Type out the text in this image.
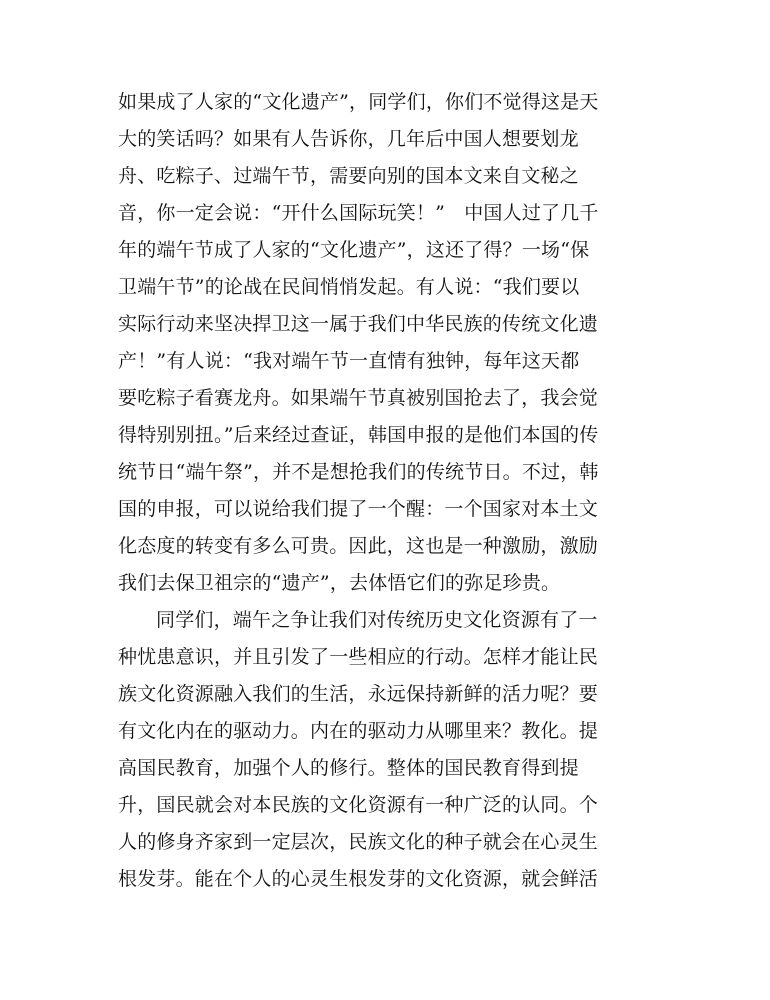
如果成了人家的“文化遗产”，同学们，你们不觉得这是天
大的笑话吗？如果有人告诉你，几年后中国人想要划龙
舟、吃粽子、过端午节，需要向别的国本文来自文秘之
音，你一定会说：“开什么国际玩笑！”　中国人过了几千
年的端午节成了人家的“文化遗产”，这还了得？一场“保
卫端午节”的论战在民间悄悄发起。有人说：“我们要以
实际行动来坚决捍卫这一属于我们中华民族的传统文化遗
产！”有人说：“我对端午节一直情有独钟，每年这天都
要吃粽子看赛龙舟。如果端午节真被别国抢去了，我会觉
得特别别扭。”后来经过查证，韩国申报的是他们本国的传
统节日“端午祭”，并不是想抢我们的传统节日。不过，韩
国的申报，可以说给我们提了一个醒：一个国家对本土文
化态度的转变有多么可贵。因此，这也是一种激励，激励
我们去保卫祖宗的“遗产”，去体悟它们的弥足珍贵。
同学们，端午之争让我们对传统历史文化资源有了一
种忧患意识，并且引发了一些相应的行动。怎样才能让民
族文化资源融入我们的生活，永远保持新鲜的活力呢？要
有文化内在的驱动力。内在的驱动力从哪里来？教化。提
高国民教育，加强个人的修行。整体的国民教育得到提
升，国民就会对本民族的文化资源有一种广泛的认同。个
人的修身齐家到一定层次，民族文化的种子就会在心灵生
根发芽。能在个人的心灵生根发芽的文化资源，就会鲜活
